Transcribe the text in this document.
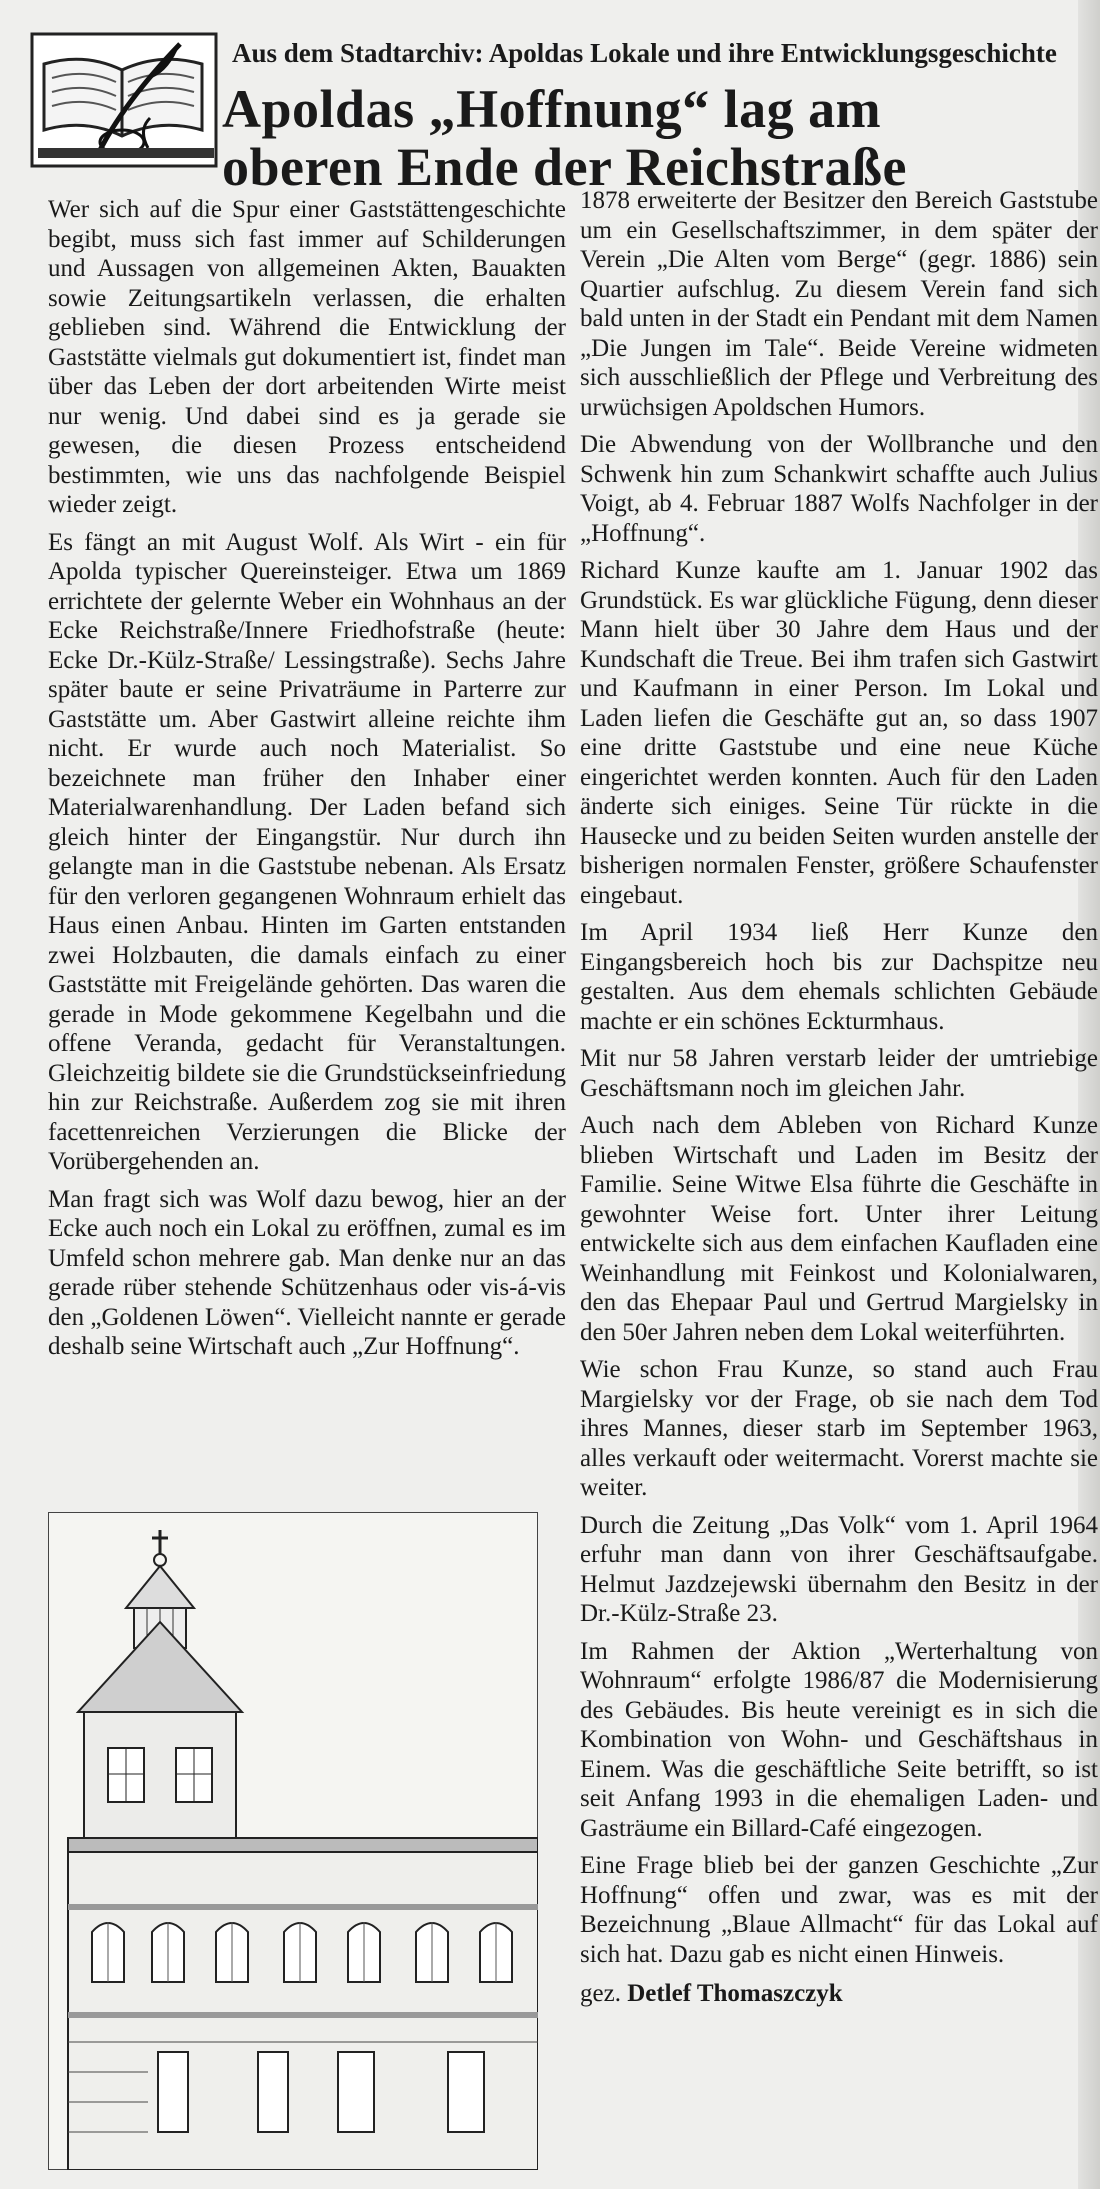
Aus dem Stadtarchiv: Apoldas Lokale und ihre Entwicklungsgeschichte
Apoldas „Hoffnung“ lag am
oberen Ende der Reichstraße

Wer sich auf die Spur einer Gaststättengeschichte begibt, muss sich fast immer auf Schilderungen und Aussagen von allgemeinen Akten, Bauakten sowie Zeitungsartikeln verlassen, die erhalten geblieben sind. Während die Entwicklung der Gaststätte vielmals gut dokumentiert ist, findet man über das Leben der dort arbeitenden Wirte meist nur wenig. Und dabei sind es ja gerade sie gewesen, die diesen Prozess entscheidend bestimmten, wie uns das nachfolgende Beispiel wieder zeigt.

Es fängt an mit August Wolf. Als Wirt - ein für Apolda typischer Quereinsteiger. Etwa um 1869 errichtete der gelernte Weber ein Wohnhaus an der Ecke Reichstraße/Innere Friedhofstraße (heute: Ecke Dr.-Külz-Straße/ Lessingstraße). Sechs Jahre später baute er seine Privaträume in Parterre zur Gaststätte um. Aber Gastwirt alleine reichte ihm nicht. Er wurde auch noch Materialist. So bezeichnete man früher den Inhaber einer Materialwarenhandlung. Der Laden befand sich gleich hinter der Eingangstür. Nur durch ihn gelangte man in die Gaststube nebenan. Als Ersatz für den verloren gegangenen Wohnraum erhielt das Haus einen Anbau. Hinten im Garten entstanden zwei Holzbauten, die damals einfach zu einer Gaststätte mit Freigelände gehörten. Das waren die gerade in Mode gekommene Kegelbahn und die offene Veranda, gedacht für Veranstaltungen. Gleichzeitig bildete sie die Grundstückseinfriedung hin zur Reichstraße. Außerdem zog sie mit ihren facettenreichen Verzierungen die Blicke der Vorübergehenden an.

Man fragt sich was Wolf dazu bewog, hier an der Ecke auch noch ein Lokal zu eröffnen, zumal es im Umfeld schon mehrere gab. Man denke nur an das gerade rüber stehende Schützenhaus oder vis-á-vis den „Goldenen Löwen“. Vielleicht nannte er gerade deshalb seine Wirtschaft auch „Zur Hoffnung“.

1878 erweiterte der Besitzer den Bereich Gaststube um ein Gesellschaftszimmer, in dem später der Verein „Die Alten vom Berge“ (gegr. 1886) sein Quartier aufschlug. Zu diesem Verein fand sich bald unten in der Stadt ein Pendant mit dem Namen „Die Jungen im Tale“. Beide Vereine widmeten sich ausschließlich der Pflege und Verbreitung des urwüchsigen Apoldschen Humors.

Die Abwendung von der Wollbranche und den Schwenk hin zum Schankwirt schaffte auch Julius Voigt, ab 4. Februar 1887 Wolfs Nachfolger in der „Hoffnung“.

Richard Kunze kaufte am 1. Januar 1902 das Grundstück. Es war glückliche Fügung, denn dieser Mann hielt über 30 Jahre dem Haus und der Kundschaft die Treue. Bei ihm trafen sich Gastwirt und Kaufmann in einer Person. Im Lokal und Laden liefen die Geschäfte gut an, so dass 1907 eine dritte Gaststube und eine neue Küche eingerichtet werden konnten. Auch für den Laden änderte sich einiges. Seine Tür rückte in die Hausecke und zu beiden Seiten wurden anstelle der bisherigen normalen Fenster, größere Schaufenster eingebaut.

Im April 1934 ließ Herr Kunze den Eingangsbereich hoch bis zur Dachspitze neu gestalten. Aus dem ehemals schlichten Gebäude machte er ein schönes Eckturmhaus.

Mit nur 58 Jahren verstarb leider der umtriebige Geschäftsmann noch im gleichen Jahr.

Auch nach dem Ableben von Richard Kunze blieben Wirtschaft und Laden im Besitz der Familie. Seine Witwe Elsa führte die Geschäfte in gewohnter Weise fort. Unter ihrer Leitung entwickelte sich aus dem einfachen Kaufladen eine Weinhandlung mit Feinkost und Kolonialwaren, den das Ehepaar Paul und Gertrud Margielsky in den 50er Jahren neben dem Lokal weiterführten.

Wie schon Frau Kunze, so stand auch Frau Margielsky vor der Frage, ob sie nach dem Tod ihres Mannes, dieser starb im September 1963, alles verkauft oder weitermacht. Vorerst machte sie weiter.

Durch die Zeitung „Das Volk“ vom 1. April 1964 erfuhr man dann von ihrer Geschäftsaufgabe. Helmut Jazdzejewski übernahm den Besitz in der Dr.-Külz-Straße 23.

Im Rahmen der Aktion „Werterhaltung von Wohnraum“ erfolgte 1986/87 die Modernisierung des Gebäudes. Bis heute vereinigt es in sich die Kombination von Wohn- und Geschäftshaus in Einem. Was die geschäftliche Seite betrifft, so ist seit Anfang 1993 in die ehemaligen Laden- und Gasträume ein Billard-Café eingezogen.

Eine Frage blieb bei der ganzen Geschichte „Zur Hoffnung“ offen und zwar, was es mit der Bezeichnung „Blaue Allmacht“ für das Lokal auf sich hat. Dazu gab es nicht einen Hinweis.

gez. Detlef Thomaszczyk
